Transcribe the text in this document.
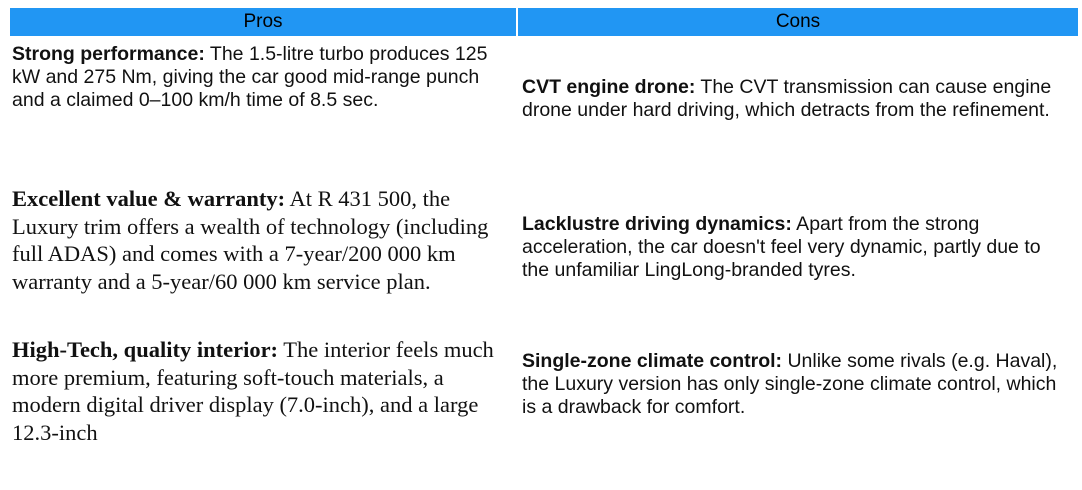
Pros	Cons
Strong performance: The 1.5-litre turbo produces 125 kW and 275 Nm, giving the car good mid-range punch and a claimed 0–100 km/h time of 8.5 sec.
CVT engine drone: The CVT transmission can cause engine drone under hard driving, which detracts from the refinement.
Excellent value & warranty: At R 431 500, the Luxury trim offers a wealth of technology (including full ADAS) and comes with a 7-year/200 000 km warranty and a 5-year/60 000 km service plan.
Lacklustre driving dynamics: Apart from the strong acceleration, the car doesn't feel very dynamic, partly due to the unfamiliar LingLong-branded tyres.
High-Tech, quality interior: The interior feels much more premium, featuring soft-touch materials, a modern digital driver display (7.0-inch), and a large 12.3-inch
Single-zone climate control: Unlike some rivals (e.g. Haval), the Luxury version has only single-zone climate control, which is a drawback for comfort.
